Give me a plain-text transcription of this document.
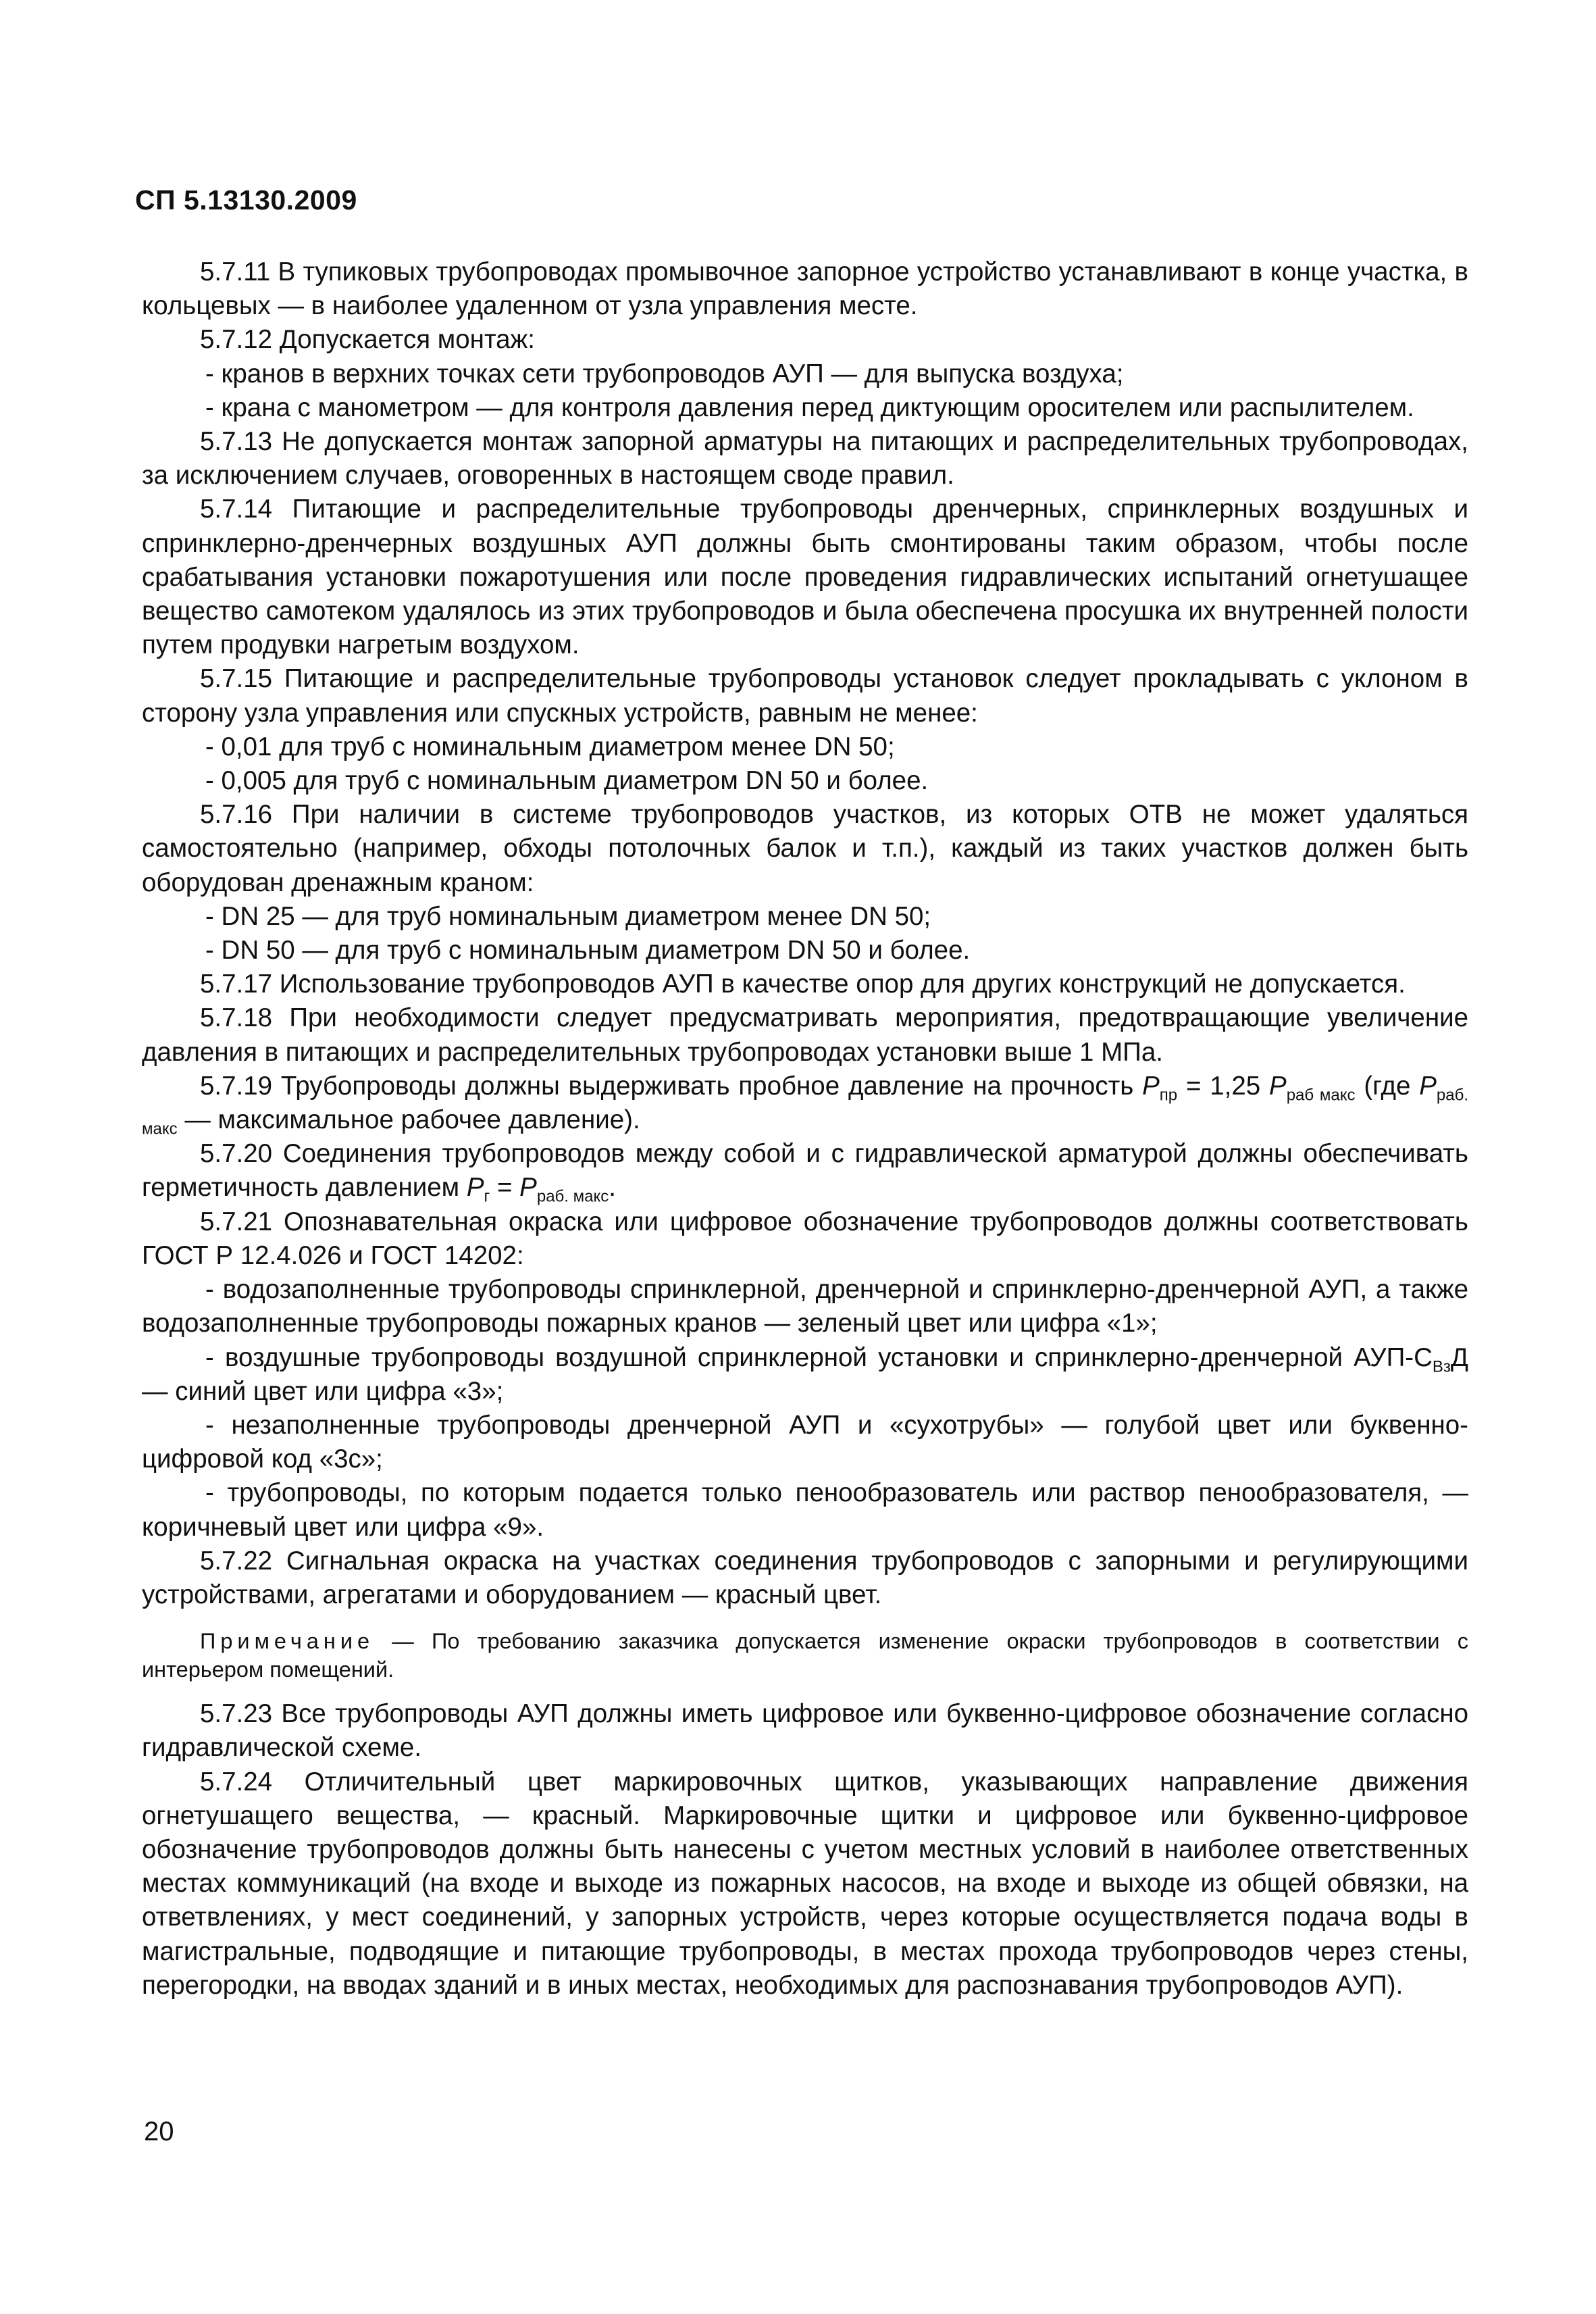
СП 5.13130.2009

5.7.11 В тупиковых трубопроводах промывочное запорное устройство устанавливают в конце участка, в кольцевых — в наиболее удаленном от узла управления месте.

5.7.12 Допускается монтаж:

- кранов в верхних точках сети трубопроводов АУП — для выпуска воздуха;

- крана с манометром — для контроля давления перед диктующим оросителем или распылителем.

5.7.13 Не допускается монтаж запорной арматуры на питающих и распределительных трубопроводах, за исключением случаев, оговоренных в настоящем своде правил.

5.7.14 Питающие и распределительные трубопроводы дренчерных, спринклерных воздушных и спринклерно-дренчерных воздушных АУП должны быть смонтированы таким образом, чтобы после срабатывания установки пожаротушения или после проведения гидравлических испытаний огнетушащее вещество самотеком удалялось из этих трубопроводов и была обеспечена просушка их внутренней полости путем продувки нагретым воздухом.

5.7.15 Питающие и распределительные трубопроводы установок следует прокладывать с уклоном в сторону узла управления или спускных устройств, равным не менее:

- 0,01 для труб с номинальным диаметром менее DN 50;

- 0,005 для труб с номинальным диаметром DN 50 и более.

5.7.16 При наличии в системе трубопроводов участков, из которых ОТВ не может удаляться самостоятельно (например, обходы потолочных балок и т.п.), каждый из таких участков должен быть оборудован дренажным краном:

- DN 25 — для труб номинальным диаметром менее DN 50;

- DN 50 — для труб с номинальным диаметром DN 50 и более.

5.7.17 Использование трубопроводов АУП в качестве опор для других конструкций не допускается.

5.7.18 При необходимости следует предусматривать мероприятия, предотвращающие увеличение давления в питающих и распределительных трубопроводах установки выше 1 МПа.

5.7.19 Трубопроводы должны выдерживать пробное давление на прочность $P_{пр} = 1,25$ $P_{раб макс}$ (где $P_{раб. макс}$ — максимальное рабочее давление).

5.7.20 Соединения трубопроводов между собой и с гидравлической арматурой должны обеспечивать герметичность давлением $P_г = P_{раб. макс}$.

5.7.21 Опознавательная окраска или цифровое обозначение трубопроводов должны соответствовать ГОСТ Р 12.4.026 и ГОСТ 14202:

- водозаполненные трубопроводы спринклерной, дренчерной и спринклерно-дренчерной АУП, а также водозаполненные трубопроводы пожарных кранов — зеленый цвет или цифра «1»;

- воздушные трубопроводы воздушной спринклерной установки и спринклерно-дренчерной АУП-$С_{Вз}Д$ — синий цвет или цифра «3»;

- незаполненные трубопроводы дренчерной АУП и «сухотрубы» — голубой цвет или буквенно-цифровой код «3с»;

- трубопроводы, по которым подается только пенообразователь или раствор пенообразователя, — коричневый цвет или цифра «9».

5.7.22 Сигнальная окраска на участках соединения трубопроводов с запорными и регулирующими устройствами, агрегатами и оборудованием — красный цвет.

Примечание — По требованию заказчика допускается изменение окраски трубопроводов в соответствии с интерьером помещений.

5.7.23 Все трубопроводы АУП должны иметь цифровое или буквенно-цифровое обозначение согласно гидравлической схеме.

5.7.24 Отличительный цвет маркировочных щитков, указывающих направление движения огнетушащего вещества, — красный. Маркировочные щитки и цифровое или буквенно-цифровое обозначение трубопроводов должны быть нанесены с учетом местных условий в наиболее ответственных местах коммуникаций (на входе и выходе из пожарных насосов, на входе и выходе из общей обвязки, на ответвлениях, у мест соединений, у запорных устройств, через которые осуществляется подача воды в магистральные, подводящие и питающие трубопроводы, в местах прохода трубопроводов через стены, перегородки, на вводах зданий и в иных местах, необходимых для распознавания трубопроводов АУП).

20
